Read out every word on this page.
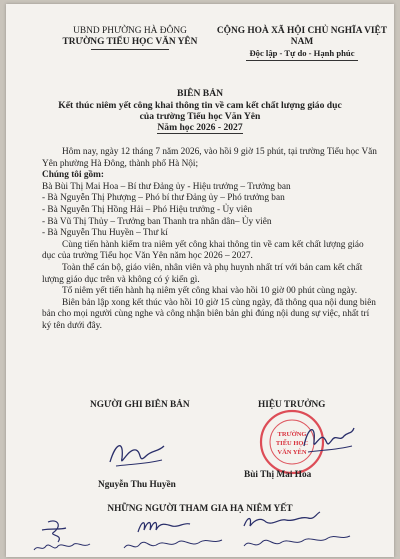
UBND PHƯỜNG HÀ ĐÔNG
TRƯỜNG TIỂU HỌC VĂN YÊN
CỘNG HOÀ XÃ HỘI CHỦ NGHĨA VIỆT NAM
Độc lập - Tự do - Hạnh phúc
BIÊN BẢN
Kết thúc niêm yết công khai thông tin về cam kết chất lượng giáo dục
của trường Tiểu học Văn Yên
Năm học 2026 - 2027

Hôm nay, ngày 12 tháng 7 năm 2026, vào hồi 9 giờ 15 phút, tại trường Tiểu học Văn Yên phường Hà Đông, thành phố Hà Nội;

Chúng tôi gồm:

Bà Bùi Thị Mai Hoa – Bí thư Đảng ủy - Hiệu trưởng – Trưởng ban

- Bà Nguyễn Thị Phượng – Phó bí thư Đảng ủy – Phó trưởng ban

- Bà Nguyễn Thị Hồng Hải – Phó Hiệu trưởng - Ủy viên

- Bà Vũ Thị Thủy – Trưởng ban Thanh tra nhân dân– Ủy viên

- Bà Nguyễn Thu Huyền – Thư kí

Cùng tiến hành kiểm tra niêm yết công khai thông tin về cam kết chất lượng giáo dục của trường Tiểu học Văn Yên năm học 2026 – 2027.

Toàn thể cán bộ, giáo viên, nhân viên và phụ huynh nhất trí với bản cam kết chất lượng giáo dục trên và không có ý kiến gì.

Tổ niêm yết tiến hành hạ niêm yết công khai vào hồi 10 giờ 00 phút cùng ngày.

Biên bản lập xong kết thúc vào hồi 10 giờ 15 cùng ngày, đã thông qua nội dung biên bản cho mọi người cùng nghe và công nhận biên bản ghi đúng nội dung sự việc, nhất trí ký tên dưới đây.

NGƯỜI GHI BIÊN BẢN	HIỆU TRƯỞNG
TRƯỜNG
TIỂU HỌC
VĂN YÊN
Nguyễn Thu Huyền
Bùi Thị Mai Hoa
NHỮNG NGƯỜI THAM GIA HẠ NIÊM YẾT
